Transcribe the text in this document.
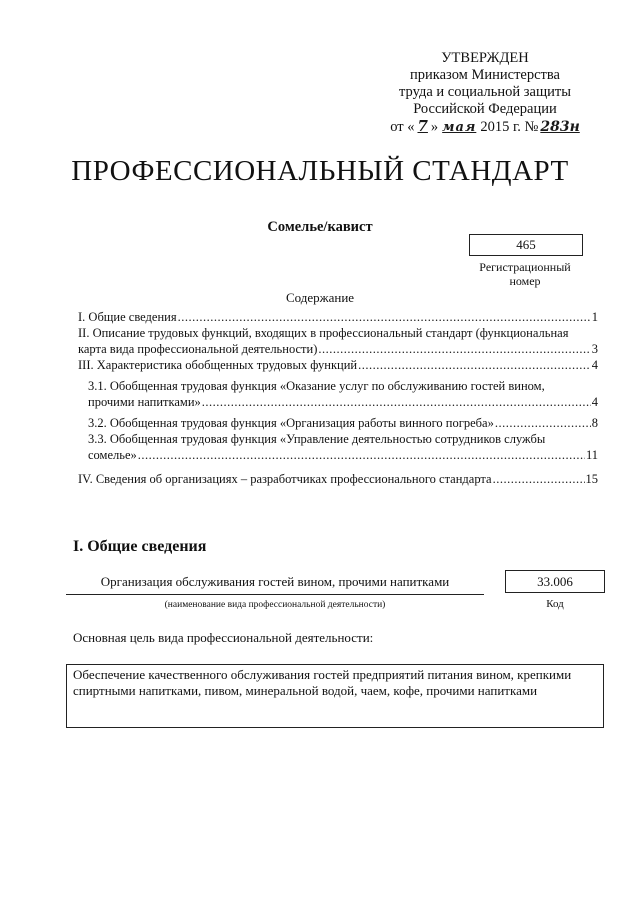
УТВЕРЖДЕН
приказом Министерства
труда и социальной защиты
Российской Федерации
от « 7 » мая 2015 г. № 283н
ПРОФЕССИОНАЛЬНЫЙ СТАНДАРТ
Сомелье/кавист
465
Регистрационный
номер
Содержание
I. Общие сведения .....	1
II. Описание трудовых функций, входящих в профессиональный стандарт (функциональная
карта вида профессиональной деятельности) .....	3
III. Характеристика обобщенных трудовых функций .....	4
3.1. Обобщенная трудовая функция «Оказание услуг по обслуживанию гостей вином,
прочими напитками» .....	4
3.2. Обобщенная трудовая функция «Организация работы винного погреба» .....	8
3.3. Обобщенная трудовая функция «Управление деятельностью сотрудников службы
сомелье» .....	11
IV. Сведения об организациях – разработчиках профессионального стандарта .....	15
I. Общие сведения
Организация обслуживания гостей вином, прочими напитками
(наименование вида профессиональной деятельности)
33.006
Код
Основная цель вида профессиональной деятельности:
Обеспечение качественного обслуживания гостей предприятий питания вином, крепкими
спиртными напитками, пивом, минеральной водой, чаем, кофе, прочими напитками
